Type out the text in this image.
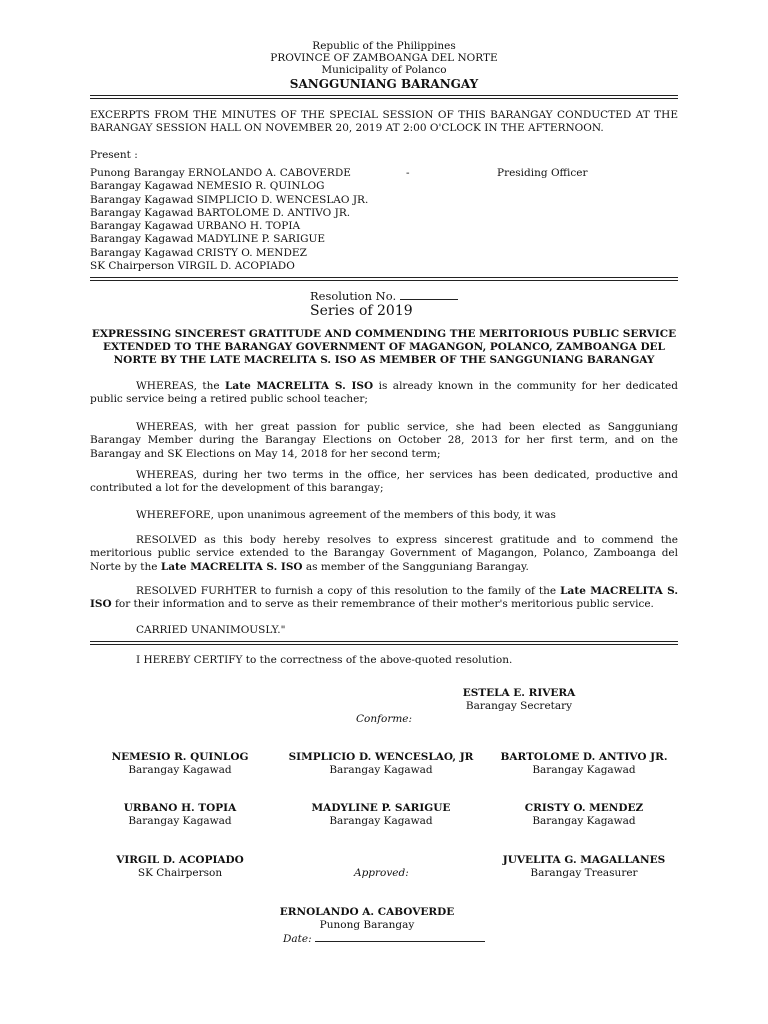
Republic of the Philippines
PROVINCE OF ZAMBOANGA DEL NORTE
Municipality of Polanco
SANGGUNIANG BARANGAY
EXCERPTS FROM THE MINUTES OF THE SPECIAL SESSION OF THIS BARANGAY CONDUCTED AT THE BARANGAY SESSION HALL ON NOVEMBER 20, 2019 AT 2:00 O'CLOCK IN THE AFTERNOON.
Present :
Punong Barangay ERNOLANDO A. CABOVERDE
Barangay Kagawad NEMESIO R. QUINLOG
Barangay Kagawad SIMPLICIO D. WENCESLAO JR.
Barangay Kagawad BARTOLOME D. ANTIVO JR.
Barangay Kagawad URBANO H. TOPIA
Barangay Kagawad MADYLINE P. SARIGUE
Barangay Kagawad CRISTY O. MENDEZ
SK Chairperson VIRGIL D. ACOPIADO
-	Presiding Officer
Resolution No.
Series of 2019
EXPRESSING SINCEREST GRATITUDE AND COMMENDING THE MERITORIOUS PUBLIC SERVICE EXTENDED TO THE BARANGAY GOVERNMENT OF MAGANGON, POLANCO, ZAMBOANGA DEL NORTE BY THE LATE MACRELITA S. ISO AS MEMBER OF THE SANGGUNIANG BARANGAY
WHEREAS, the Late MACRELITA S. ISO is already known in the community for her dedicated public service being a retired public school teacher;
WHEREAS, with her great passion for public service, she had been elected as Sangguniang Barangay Member during the Barangay Elections on October 28, 2013 for her first term, and on the Barangay and SK Elections on May 14, 2018 for her second term;
WHEREAS, during her two terms in the office, her services has been dedicated, productive and contributed a lot for the development of this barangay;
WHEREFORE, upon unanimous agreement of the members of this body, it was
RESOLVED as this body hereby resolves to express sincerest gratitude and to commend the meritorious public service extended to the Barangay Government of Magangon, Polanco, Zamboanga del Norte by the Late MACRELITA S. ISO as member of the Sangguniang Barangay.
RESOLVED FURHTER to furnish a copy of this resolution to the family of the Late MACRELITA S. ISO for their information and to serve as their remembrance of their mother's meritorious public service.
CARRIED UNANIMOUSLY."
I HEREBY CERTIFY to the correctness of the above-quoted resolution.
ESTELA E. RIVERA
Barangay Secretary
Conforme:
NEMESIO R. QUINLOG
Barangay Kagawad
SIMPLICIO D. WENCESLAO, JR
Barangay Kagawad
BARTOLOME D. ANTIVO JR.
Barangay Kagawad
URBANO H. TOPIA
Barangay Kagawad
MADYLINE P. SARIGUE
Barangay Kagawad
CRISTY O. MENDEZ
Barangay Kagawad
VIRGIL D. ACOPIADO
SK Chairperson	Approved:
JUVELITA G. MAGALLANES
Barangay Treasurer
ERNOLANDO A. CABOVERDE
Punong Barangay
Date:
